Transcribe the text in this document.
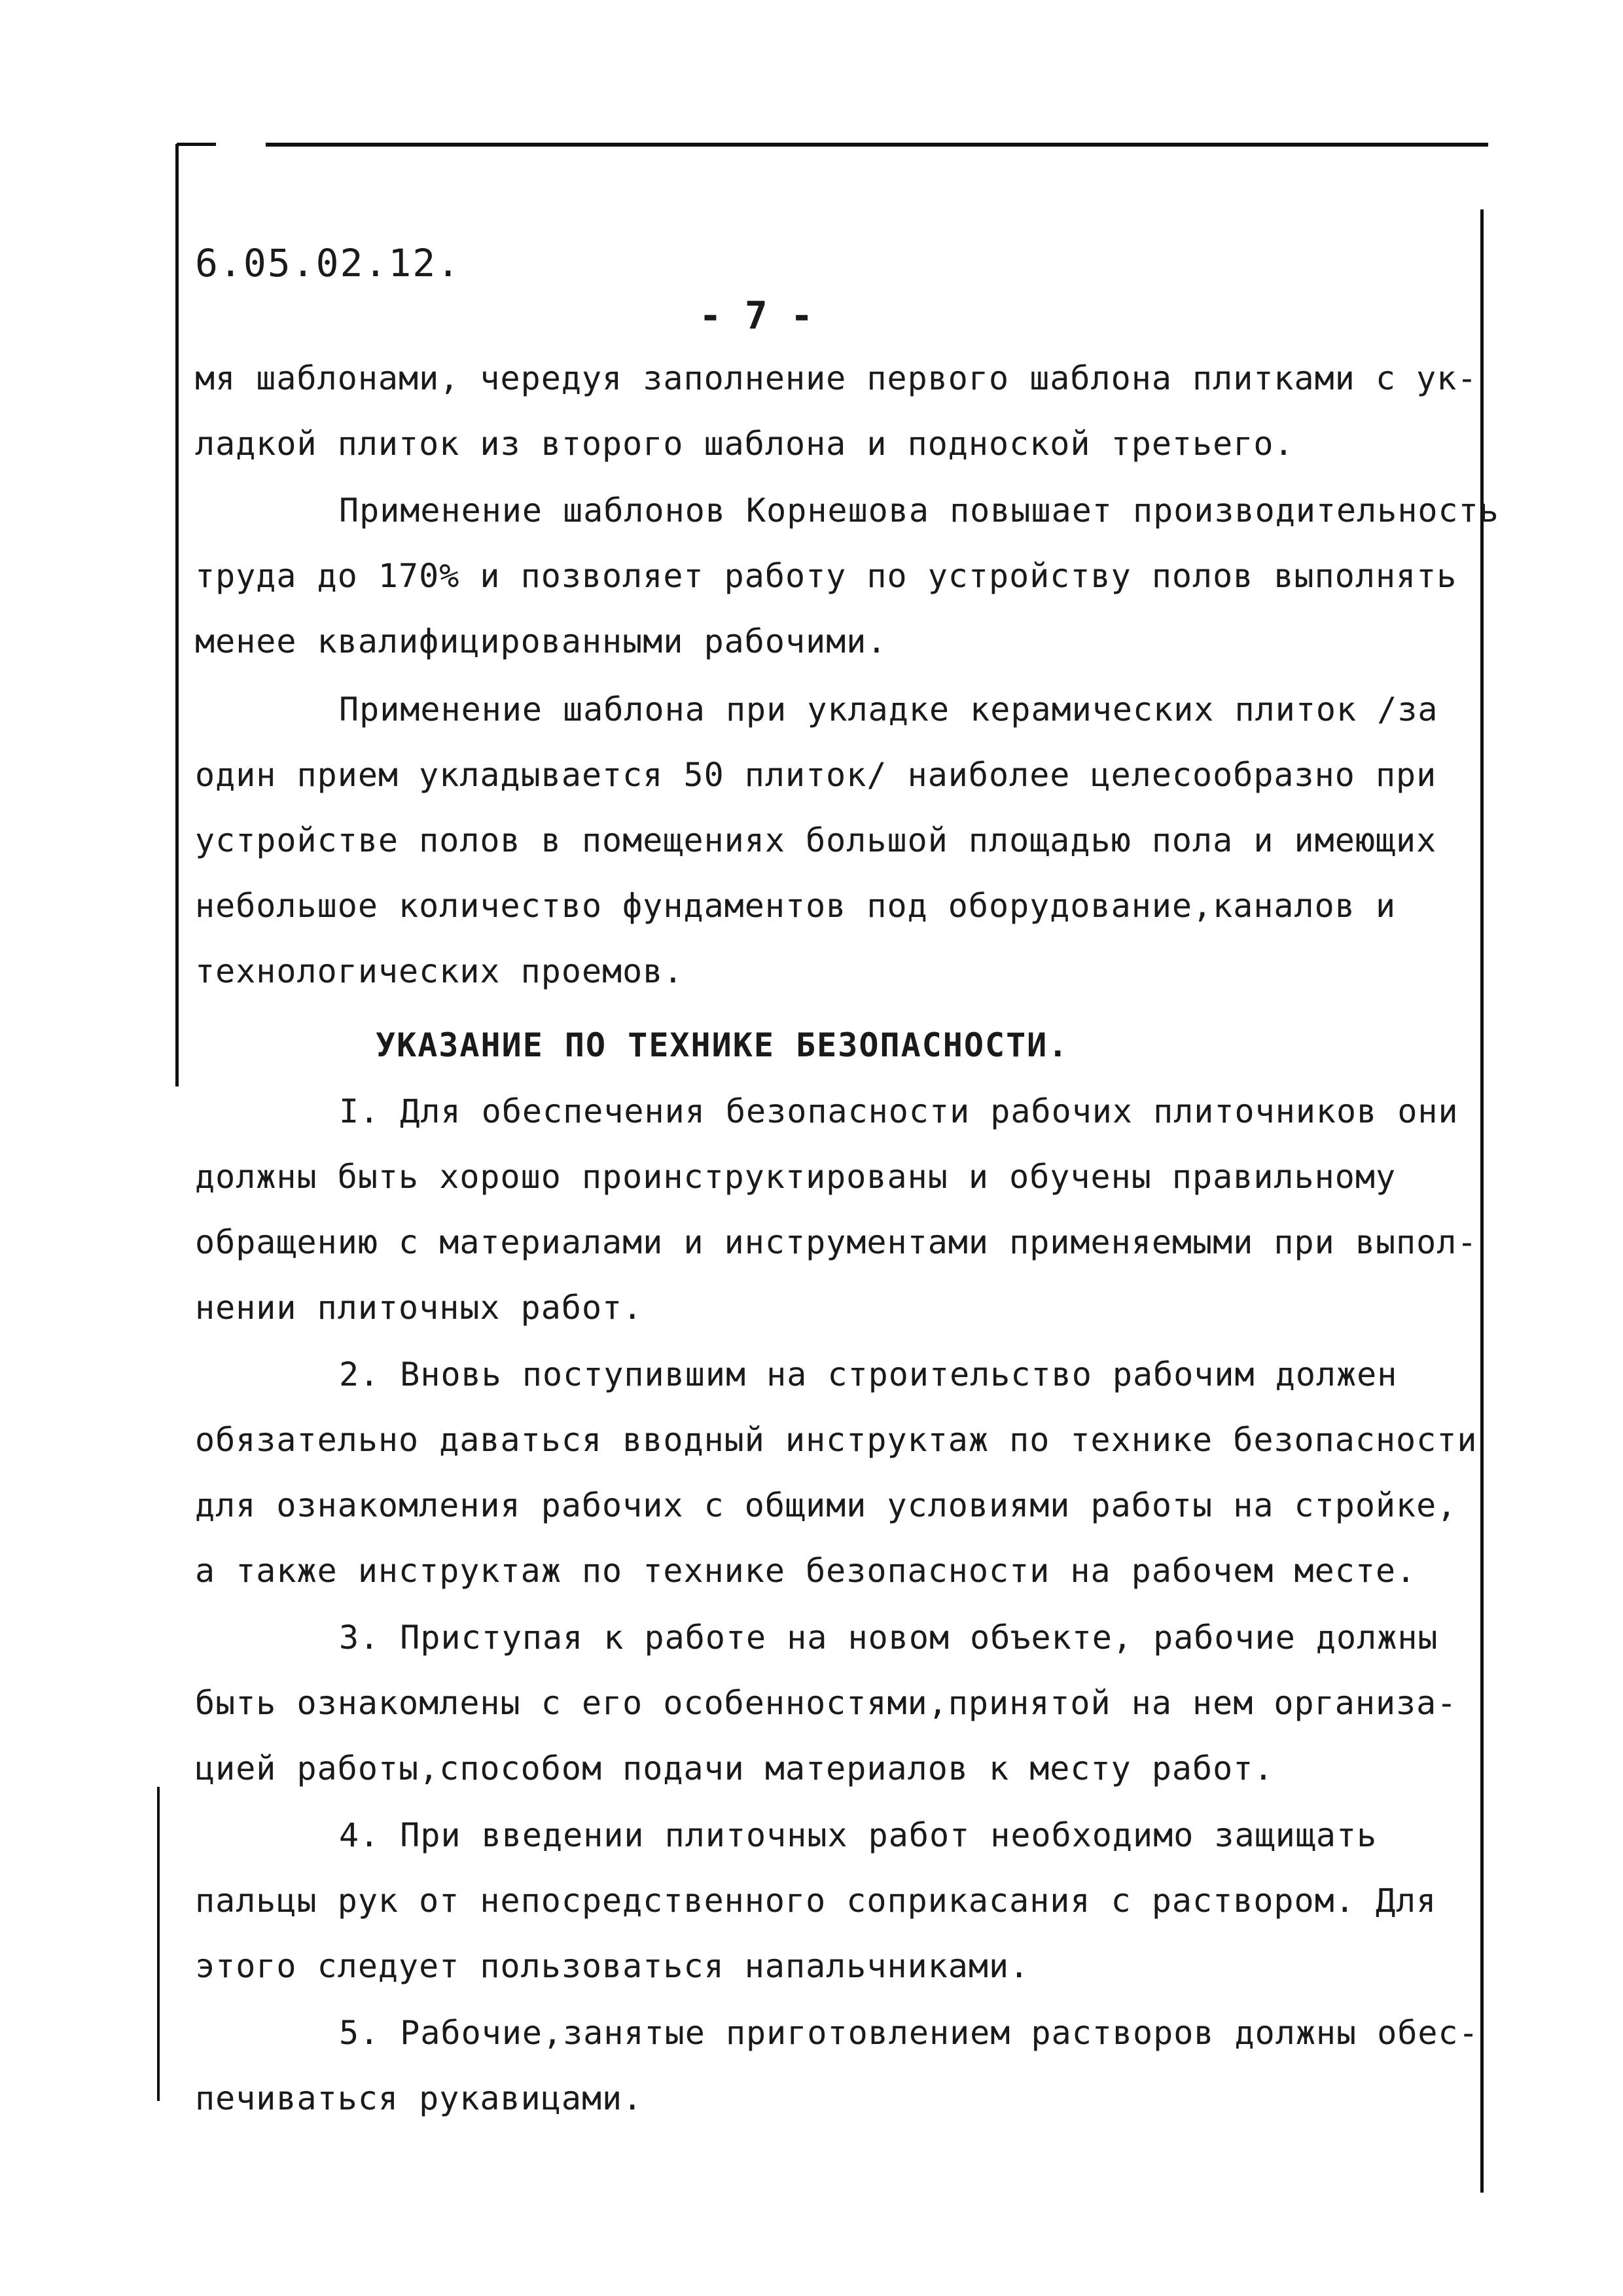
6.05.02.12.
- 7 -
мя шаблонами, чередуя заполнение первого шаблона плитками с ук-
ладкой плиток из второго шаблона и подноской третьего.
Применение шаблонов Корнешова повышает производительность
труда до 170% и позволяет работу по устройству полов выполнять
менее квалифицированными рабочими.
Применение шаблона при укладке керамических плиток /за
один прием укладывается 50 плиток/ наиболее целесообразно при
устройстве полов в помещениях большой площадью пола и имеющих
небольшое количество фундаментов под оборудование,каналов и
технологических проемов.
УКАЗАНИЕ ПО ТЕХНИКЕ БЕЗОПАСНОСТИ.
I. Для обеспечения безопасности рабочих плиточников они
должны быть хорошо проинструктированы и обучены правильному
обращению с материалами и инструментами применяемыми при выпол-
нении плиточных работ.
2. Вновь поступившим на строительство рабочим должен
обязательно даваться вводный инструктаж по технике безопасности
для ознакомления рабочих с общими условиями работы на стройке,
а также инструктаж по технике безопасности на рабочем месте.
3. Приступая к работе на новом объекте, рабочие должны
быть ознакомлены с его особенностями,принятой на нем организа-
цией работы,способом подачи материалов к месту работ.
4. При введении плиточных работ необходимо защищать
пальцы рук от непосредственного соприкасания с раствором. Для
этого следует пользоваться напальчниками.
5. Рабочие,занятые приготовлением растворов должны обес-
печиваться рукавицами.
